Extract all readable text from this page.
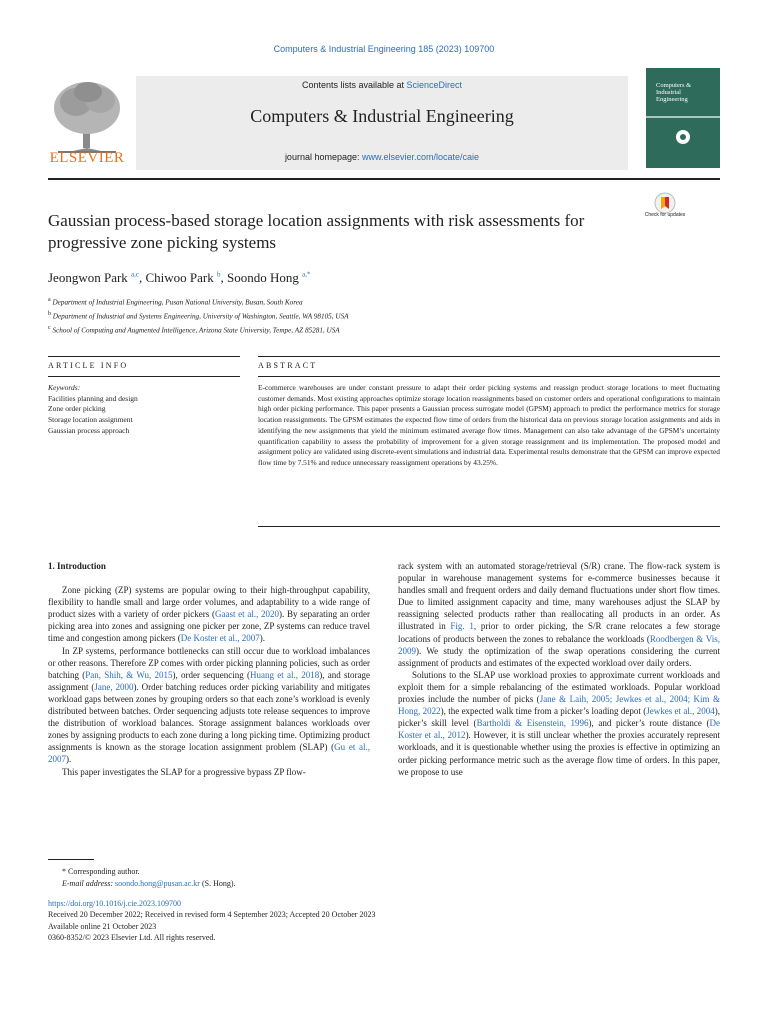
Computers & Industrial Engineering 185 (2023) 109700
ELSEVIER
Contents lists available at ScienceDirect
Computers & Industrial Engineering
journal homepage: www.elsevier.com/locate/caie
Computers & Industrial Engineering
Gaussian process-based storage location assignments with risk assessments for progressive zone picking systems
Check for updates
Jeongwon Park $^{a,c}$, Chiwoo Park $^b$, Soondo Hong $^{a,*}$
$^a$ Department of Industrial Engineering, Pusan National University, Busan, South Korea
$^b$ Department of Industrial and Systems Engineering, University of Washington, Seattle, WA 98105, USA
$^c$ School of Computing and Augmented Intelligence, Arizona State University, Tempe, AZ 85281, USA
ARTICLE INFO	ABSTRACT
Keywords:
Facilities planning and design
Zone order picking
Storage location assignment
Gaussian process approach
E-commerce warehouses are under constant pressure to adapt their order picking systems and reassign product storage locations to meet fluctuating customer demands. Most existing approaches optimize storage location reassignments based on customer orders and operational configurations to maintain high order picking performance. This paper presents a Gaussian process surrogate model (GPSM) approach to predict the performance metrics for storage location reassignments. The GPSM estimates the expected flow time of orders from the historical data on previous storage location assignments and aids in identifying the new assignments that yield the minimum estimated average flow times. Management can also take advantage of the GPSM’s uncertainty quantification capability to assess the probability of improvement for a given storage reassignment and its implementation. The proposed model and assignment policy are validated using discrete-event simulations and industrial data. Experimental results demonstrate that the GPSM can improve expected flow time by 7.51% and reduce unnecessary reassignment operations by 43.25%.
1. Introduction

Zone picking (ZP) systems are popular owing to their high-throughput capability, flexibility to handle small and large order volumes, and adaptability to a wide range of product sizes with a variety of order pickers (Gaast et al., 2020). By separating an order picking area into zones and assigning one picker per zone, ZP systems can reduce travel time and congestion among pickers (De Koster et al., 2007).

In ZP systems, performance bottlenecks can still occur due to workload imbalances or other reasons. Therefore ZP comes with order picking planning policies, such as order batching (Pan, Shih, & Wu, 2015), order sequencing (Huang et al., 2018), and storage assignment (Jane, 2000). Order batching reduces order picking variability and mitigates workload gaps between zones by grouping orders so that each zone’s workload is evenly distributed between batches. Order sequencing adjusts tote release sequences to improve the distribution of workload balances. Storage assignment balances workloads over zones by assigning products to each zone during a long picking time. Optimizing product assignments is known as the storage location assignment problem (SLAP) (Gu et al., 2007).

This paper investigates the SLAP for a progressive bypass ZP flow-

rack system with an automated storage/retrieval (S/R) crane. The flow-rack system is popular in warehouse management systems for e-commerce businesses because it handles small and frequent orders and daily demand fluctuations under short flow times. Due to limited assignment capacity and time, many warehouses adjust the SLAP by reassigning selected products rather than reallocating all products in an order. As illustrated in Fig. 1, prior to order picking, the S/R crane relocates a few storage locations of products between the zones to rebalance the workloads (Roodbergen & Vis, 2009). We study the optimization of the swap operations considering the current assignment of products and estimates of the expected workload over daily orders.

Solutions to the SLAP use workload proxies to approximate current workloads and exploit them for a simple rebalancing of the estimated workloads. Popular workload proxies include the number of picks (Jane & Laih, 2005; Jewkes et al., 2004; Kim & Hong, 2022), the expected walk time from a picker’s loading depot (Jewkes et al., 2004), picker’s skill level (Bartholdi & Eisenstein, 1996), and picker’s route distance (De Koster et al., 2012). However, it is still unclear whether the proxies accurately represent workloads, and it is questionable whether using the proxies is effective in optimizing an order picking performance metric such as the average flow time of orders. In this paper, we propose to use

* Corresponding author.
E-mail address: soondo.hong@pusan.ac.kr (S. Hong).
https://doi.org/10.1016/j.cie.2023.109700
Received 20 December 2022; Received in revised form 4 September 2023; Accepted 20 October 2023
Available online 21 October 2023
0360-8352/© 2023 Elsevier Ltd. All rights reserved.
